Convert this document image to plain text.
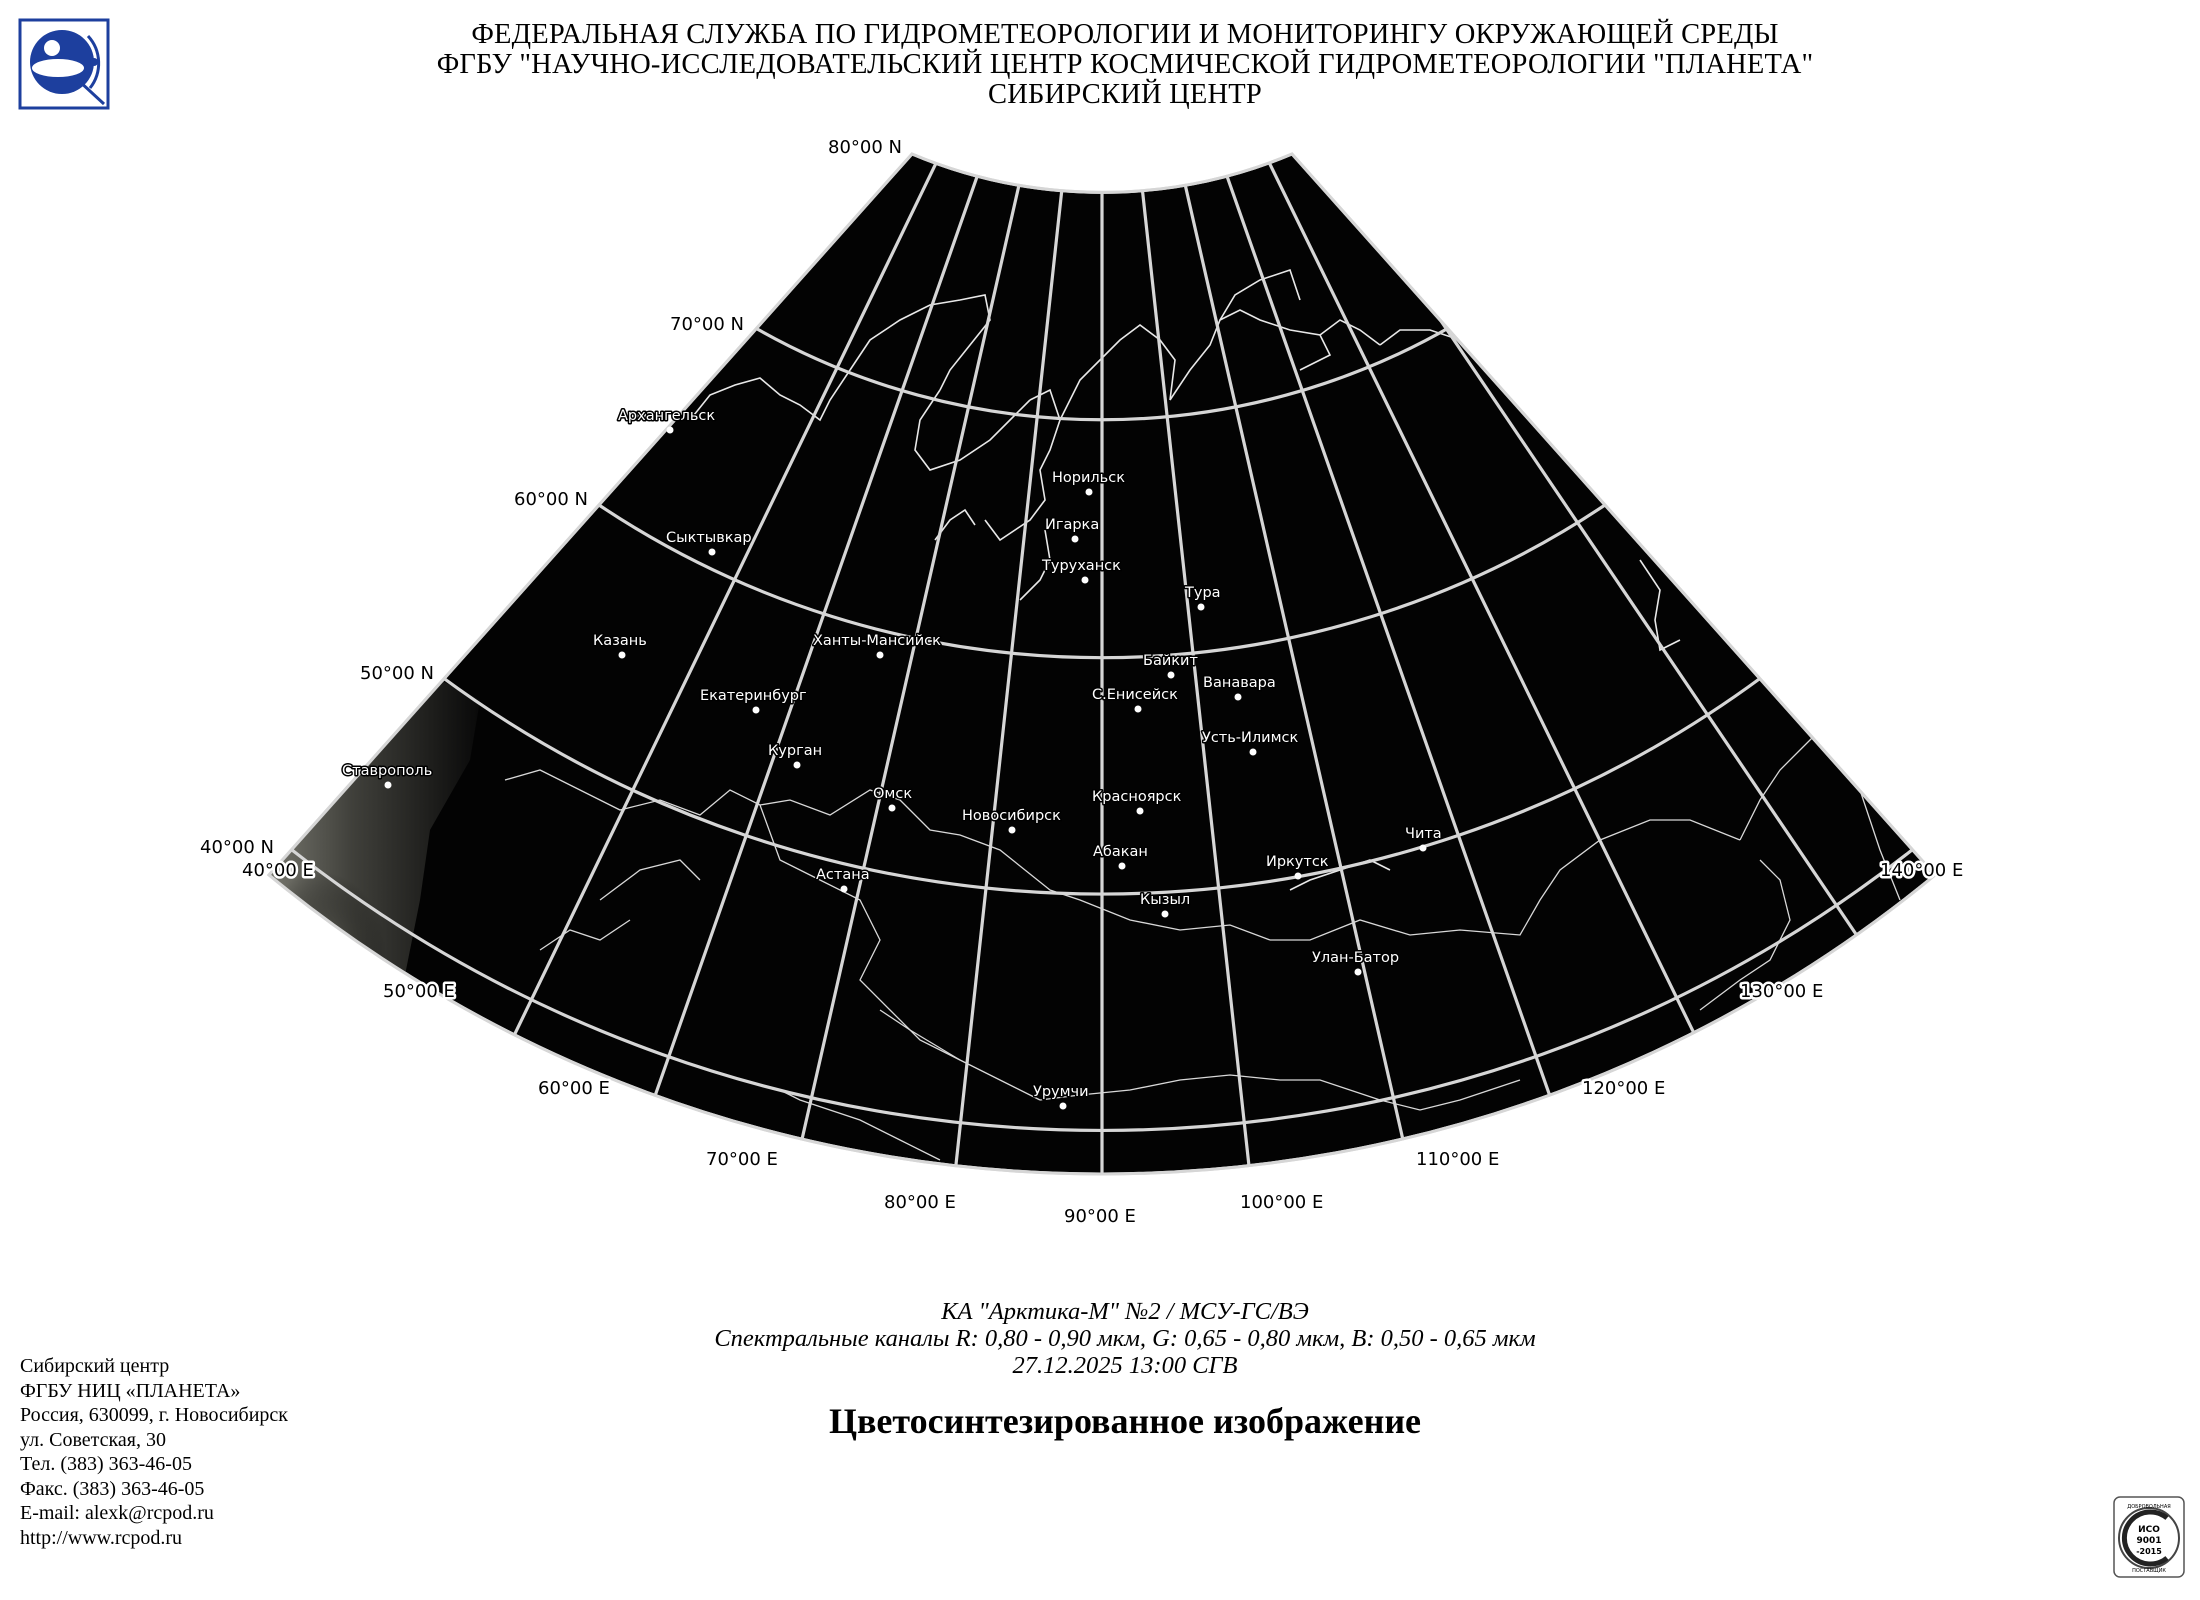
ФЕДЕРАЛЬНАЯ СЛУЖБА ПО ГИДРОМЕТЕОРОЛОГИИ И МОНИТОРИНГУ ОКРУЖАЮЩЕЙ СРЕДЫ
ФГБУ "НАУЧНО-ИССЛЕДОВАТЕЛЬСКИЙ ЦЕНТР КОСМИЧЕСКОЙ ГИДРОМЕТЕОРОЛОГИИ "ПЛАНЕТА"
СИБИРСКИЙ ЦЕНТР
80°00 N
70°00 N
60°00 N
50°00 N
40°00 N
40°00 E
50°00 E
60°00 E
70°00 E
80°00 E
90°00 E
100°00 E
110°00 E
120°00 E
130°00 E
140°00 E
Архангельск
Сыктывкар
Казань	Ханты-Мансийск
Екатеринбург
Курган
Ставрополь
Омск
Новосибирск
Астана
Норильск
Игарка
Туруханск
Тура
Байкит
Ванавара
С.Енисейск
Усть-Илимск
Красноярск
Абакан
Кызыл
Иркутск
Чита
Улан-Батор
Урумчи
КА "Арктика-М" №2 / МСУ-ГС/ВЭ
Спектральные каналы R: 0,80 - 0,90 мкм, G: 0,65 - 0,80 мкм, B: 0,50 - 0,65 мкм
27.12.2025 13:00 СГВ
Цветосинтезированное изображение
Сибирский центр
ФГБУ НИЦ «ПЛАНЕТА»
Россия, 630099, г. Новосибирск
ул. Советская, 30
Тел. (383) 363-46-05
Факс. (383) 363-46-05
E-mail: alexk@rcpod.ru
http://www.rcpod.ru	ИСО
9001
-2015
ДОБРОВОЛЬНАЯ
ПОСТАВЩИК
